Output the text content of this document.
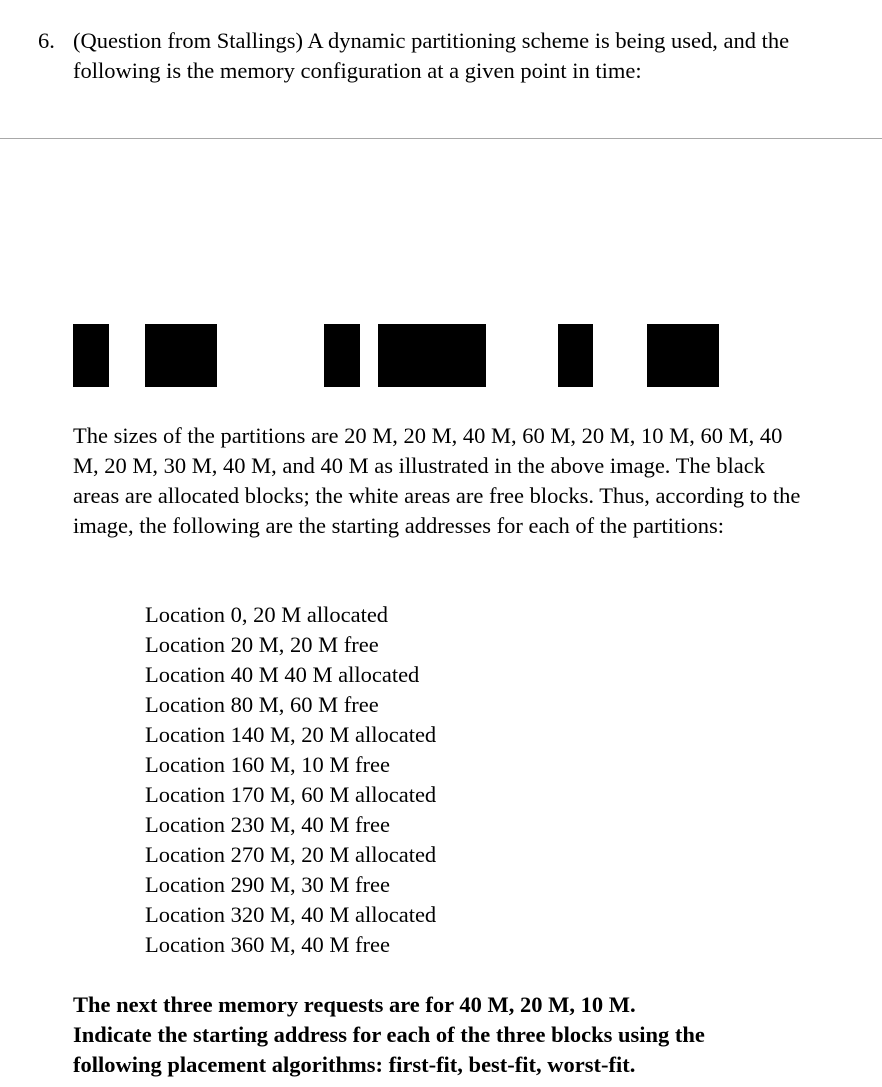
6. (Question from Stallings) A dynamic partitioning scheme is being used, and the following is the memory configuration at a given point in time:
The sizes of the partitions are 20 M, 20 M, 40 M, 60 M, 20 M, 10 M, 60 M, 40 M, 20 M, 30 M, 40 M, and 40 M as illustrated in the above image. The black areas are allocated blocks; the white areas are free blocks. Thus, according to the image, the following are the starting addresses for each of the partitions:
Location 0, 20 M allocated
Location 20 M, 20 M free
Location 40 M 40 M allocated
Location 80 M, 60 M free
Location 140 M, 20 M allocated
Location 160 M, 10 M free
Location 170 M, 60 M allocated
Location 230 M, 40 M free
Location 270 M, 20 M allocated
Location 290 M, 30 M free
Location 320 M, 40 M allocated
Location 360 M, 40 M free
The next three memory requests are for 40 M, 20 M, 10 M.
Indicate the starting address for each of the three blocks using the
following placement algorithms: first-fit, best-fit, worst-fit.
